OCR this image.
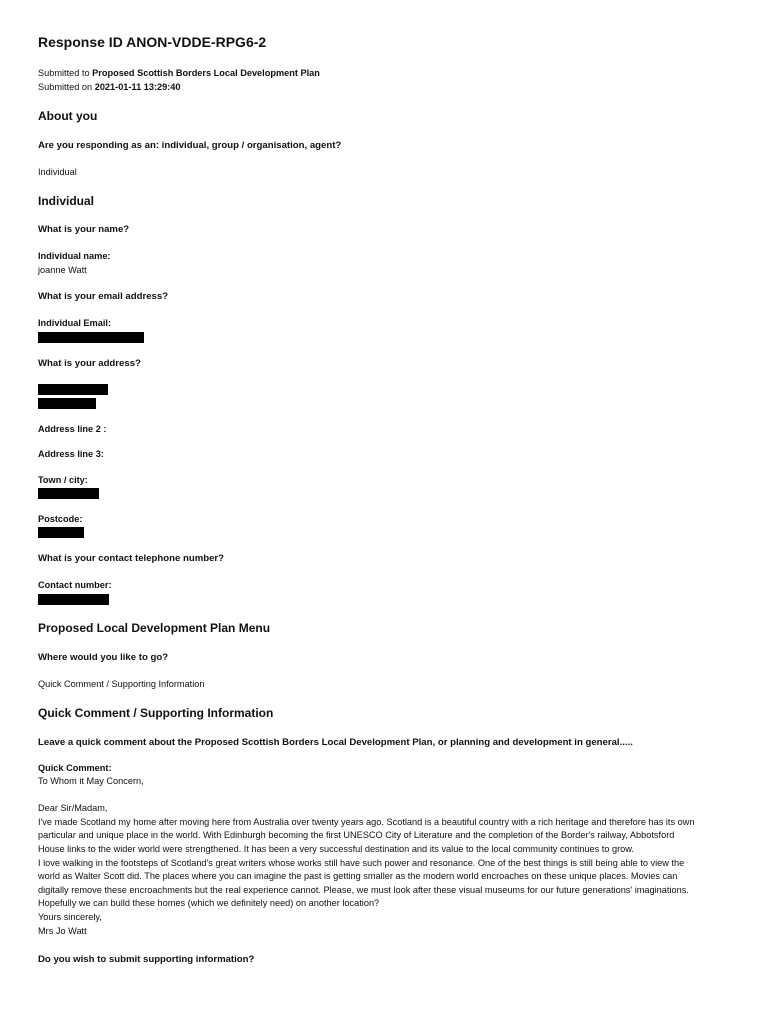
Response ID ANON-VDDE-RPG6-2
Submitted to Proposed Scottish Borders Local Development Plan
Submitted on 2021-01-11 13:29:40
About you
Are you responding as an: individual, group / organisation, agent?
Individual
Individual
What is your name?
Individual name:
joanne Watt
What is your email address?
Individual Email:
What is your address?
Address line 2 :
Address line 3:
Town / city:
Postcode:
What is your contact telephone number?
Contact number:
Proposed Local Development Plan Menu
Where would you like to go?
Quick Comment / Supporting Information
Quick Comment / Supporting Information
Leave a quick comment about the Proposed Scottish Borders Local Development Plan, or planning and development in general.....
Quick Comment:

To Whom it May Concern,

Dear Sir/Madam,

I've made Scotland my home after moving here from Australia over twenty years ago. Scotland is a beautiful country with a rich heritage and therefore has its own

particular and unique place in the world. With Edinburgh becoming the first UNESCO City of Literature and the completion of the Border's railway, Abbotsford

House links to the wider world were strengthened. It has been a very successful destination and its value to the local community continues to grow.

I love walking in the footsteps of Scotland's great writers whose works still have such power and resonance. One of the best things is still being able to view the

world as Walter Scott did. The places where you can imagine the past is getting smaller as the modern world encroaches on these unique places. Movies can

digitally remove these encroachments but the real experience cannot. Please, we must look after these visual museums for our future generations' imaginations.

Hopefully we can build these homes (which we definitely need) on another location?

Yours sincerely,

Mrs Jo Watt

Do you wish to submit supporting information?
